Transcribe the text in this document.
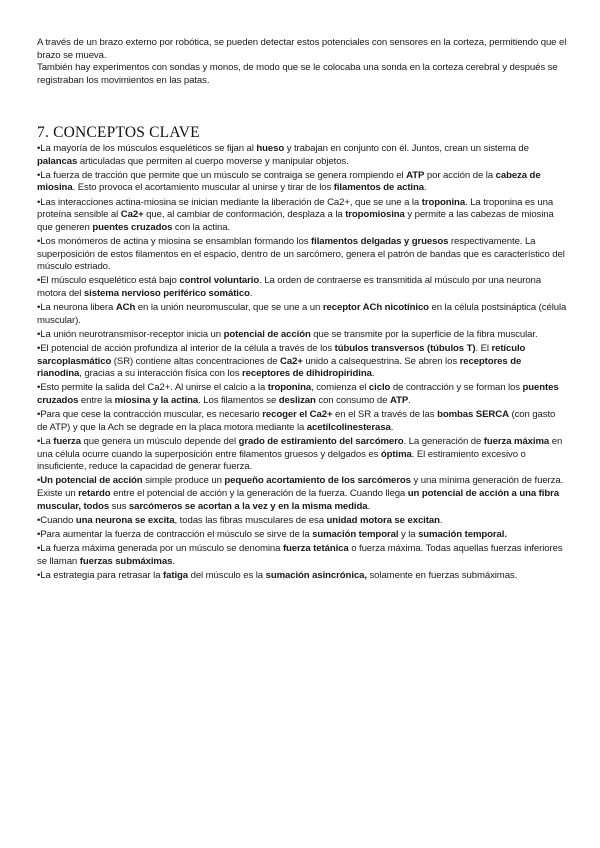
A través de un brazo externo por robótica, se pueden detectar estos potenciales con sensores en la corteza, permitiendo que el brazo se mueva.

También hay experimentos con sondas y monos, de modo que se le colocaba una sonda en la corteza cerebral y después se registraban los movimientos en las patas.

7. CONCEPTOS CLAVE

•La mayoría de los músculos esqueléticos se fijan al hueso y trabajan en conjunto con él. Juntos, crean un sistema de palancas articuladas que permiten al cuerpo moverse y manipular objetos.

•La fuerza de tracción que permite que un músculo se contraiga se genera rompiendo el ATP por acción de la cabeza de miosina. Esto provoca el acortamiento muscular al unirse y tirar de los filamentos de actina.

•Las interacciones actina-miosina se inician mediante la liberación de Ca2+, que se une a la troponina. La troponina es una proteína sensible al Ca2+ que, al cambiar de conformación, desplaza a la tropomiosina y permite a las cabezas de miosina que generen puentes cruzados con la actina.

•Los monómeros de actina y miosina se ensamblan formando los filamentos delgadas y gruesos respectivamente. La superposición de estos filamentos en el espacio, dentro de un sarcómero, genera el patrón de bandas que es característico del músculo estriado.

•El músculo esquelético está bajo control voluntario. La orden de contraerse es transmitida al músculo por una neurona motora del sistema nervioso periférico somático.

•La neurona libera ACh en la unión neuromuscular, que se une a un receptor ACh nicotínico en la célula postsináptica (célula muscular).

•La unión neurotransmisor-receptor inicia un potencial de acción que se transmite por la superficie de la fibra muscular.

•El potencial de acción profundiza al interior de la célula a través de los túbulos transversos (túbulos T). El retículo sarcoplasmático (SR) contiene altas concentraciones de Ca2+ unido a calsequestrina. Se abren los receptores de rianodina, gracias a su interacción física con los receptores de dihidropiridina.

•Esto permite la salida del Ca2+. Al unirse el calcio a la troponina, comienza el ciclo de contracción y se forman los puentes cruzados entre la miosina y la actina. Los filamentos se deslizan con consumo de ATP.

•Para que cese la contracción muscular, es necesario recoger el Ca2+ en el SR a través de las bombas SERCA (con gasto de ATP) y que la Ach se degrade en la placa motora mediante la acetilcolinesterasa.

•La fuerza que genera un músculo depende del grado de estiramiento del sarcómero. La generación de fuerza máxima en una célula ocurre cuando la superposición entre filamentos gruesos y delgados es óptima. El estiramiento excesivo o insuficiente, reduce la capacidad de generar fuerza.

•Un potencial de acción simple produce un pequeño acortamiento de los sarcómeros y una mínima generación de fuerza. Existe un retardo entre el potencial de acción y la generación de la fuerza. Cuando llega un potencial de acción a una fibra muscular, todos sus sarcómeros se acortan a la vez y en la misma medida.

•Cuando una neurona se excita, todas las fibras musculares de esa unidad motora se excitan.

•Para aumentar la fuerza de contracción el músculo se sirve de la sumación temporal y la sumación temporal.

•La fuerza máxima generada por un músculo se denomina fuerza tetánica o fuerza máxima. Todas aquellas fuerzas inferiores se llaman fuerzas submáximas.

•La estrategia para retrasar la fatiga del músculo es la sumación asincrónica, solamente en fuerzas submáximas.
